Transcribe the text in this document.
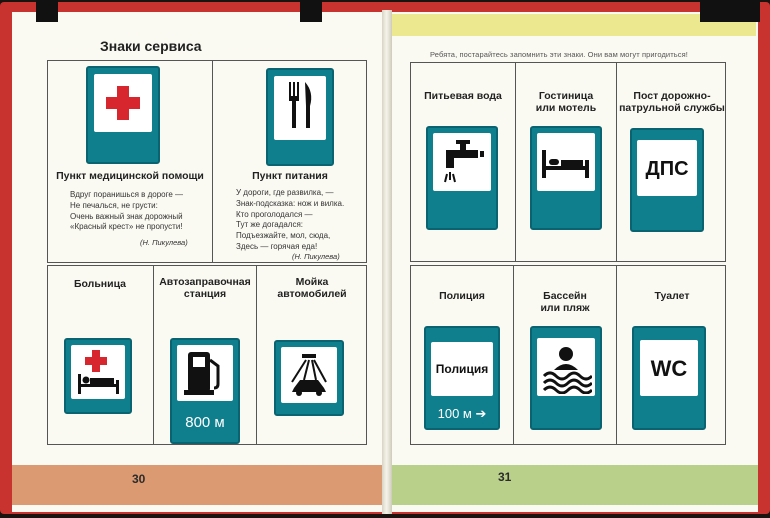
Знаки сервиса
Пункт медицинской помощи
Вдруг поранишься в дороге —
Не печалься, не грусти:
Очень важный знак дорожный
«Красный крест» не пропусти!
(Н. Пикулева)
Пункт питания
У дороги, где развилка, —
Знак-подсказка: нож и вилка.
Кто проголодался —
Тут же догадался:
Подъезжайте, мол, сюда,
Здесь — горячая еда!
(Н. Пикулева)
Больница	Автозаправочная
станция
800 м
Мойка
автомобилей
30
Ребята, постарайтесь запомнить эти знаки. Они вам могут пригодиться!
Питьевая вода	Гостиница
или мотель
Пост дорожно-
патрульной службы
ДПС
Полиция
Полиция
100 м ➔
Бассейн
или пляж
Туалет
WC
31
